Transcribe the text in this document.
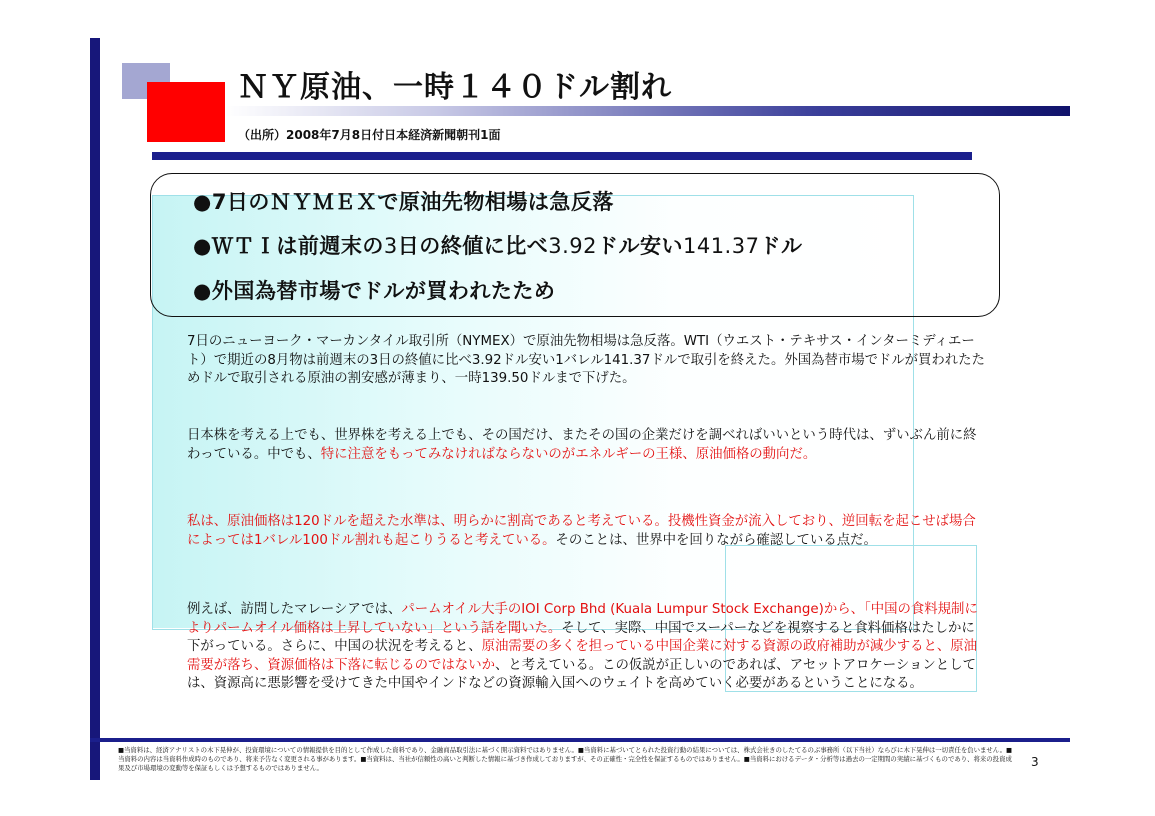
ＮＹ原油、一時１４０ドル割れ
（出所）2008年7月8日付日本経済新聞朝刊1面
●7日のＮＹＭＥＸで原油先物相場は急反落
●ＷＴＩは前週末の3日の終値に比べ3.92ドル安い141.37ドル
●外国為替市場でドルが買われたため
7日のニューヨーク・マーカンタイル取引所（NYMEX）で原油先物相場は急反落。WTI（ウエスト・テキサス・インターミディエート）で期近の8月物は前週末の3日の終値に比べ3.92ドル安い1バレル141.37ドルで取引を終えた。外国為替市場でドルが買われたためドルで取引される原油の割安感が薄まり、一時139.50ドルまで下げた。
日本株を考える上でも、世界株を考える上でも、その国だけ、またその国の企業だけを調べればいいという時代は、ずいぶん前に終わっている。中でも、特に注意をもってみなければならないのがエネルギーの王様、原油価格の動向だ。
私は、原油価格は120ドルを超えた水準は、明らかに割高であると考えている。投機性資金が流入しており、逆回転を起こせば場合によっては1バレル100ドル割れも起こりうると考えている。そのことは、世界中を回りながら確認している点だ。
例えば、訪問したマレーシアでは、パームオイル大手のIOI Corp Bhd (Kuala Lumpur Stock Exchange)から、「中国の食料規制によりパームオイル価格は上昇していない」という話を聞いた。そして、実際、中国でスーパーなどを視察すると食料価格はたしかに下がっている。さらに、中国の状況を考えると、原油需要の多くを担っている中国企業に対する資源の政府補助が減少すると、原油需要が落ち、資源価格は下落に転じるのではないか、と考えている。この仮説が正しいのであれば、アセットアロケーションとしては、資源高に悪影響を受けてきた中国やインドなどの資源輸入国へのウェイトを高めていく必要があるということになる。
■当資料は、経済アナリストの木下晃伸が、投資環境についての情報提供を目的として作成した資料であり、金融商品取引法に基づく開示資料ではありません。■当資料に基づいてとられた投資行動の結果については、株式会社きのしたてるのぶ事務所（以下当社）ならびに木下晃伸は一切責任を負いません。■当資料の内容は当資料作成時のものであり、将来予告なく変更される事があります。■当資料は、当社が信頼性の高いと判断した情報に基づき作成しておりますが、その正確性・完全性を保証するものではありません。■当資料におけるデータ・分析等は過去の一定期間の実績に基づくものであり、将来の投資成果及び市場環境の変動等を保証もしくは予想するものではありません。	3
